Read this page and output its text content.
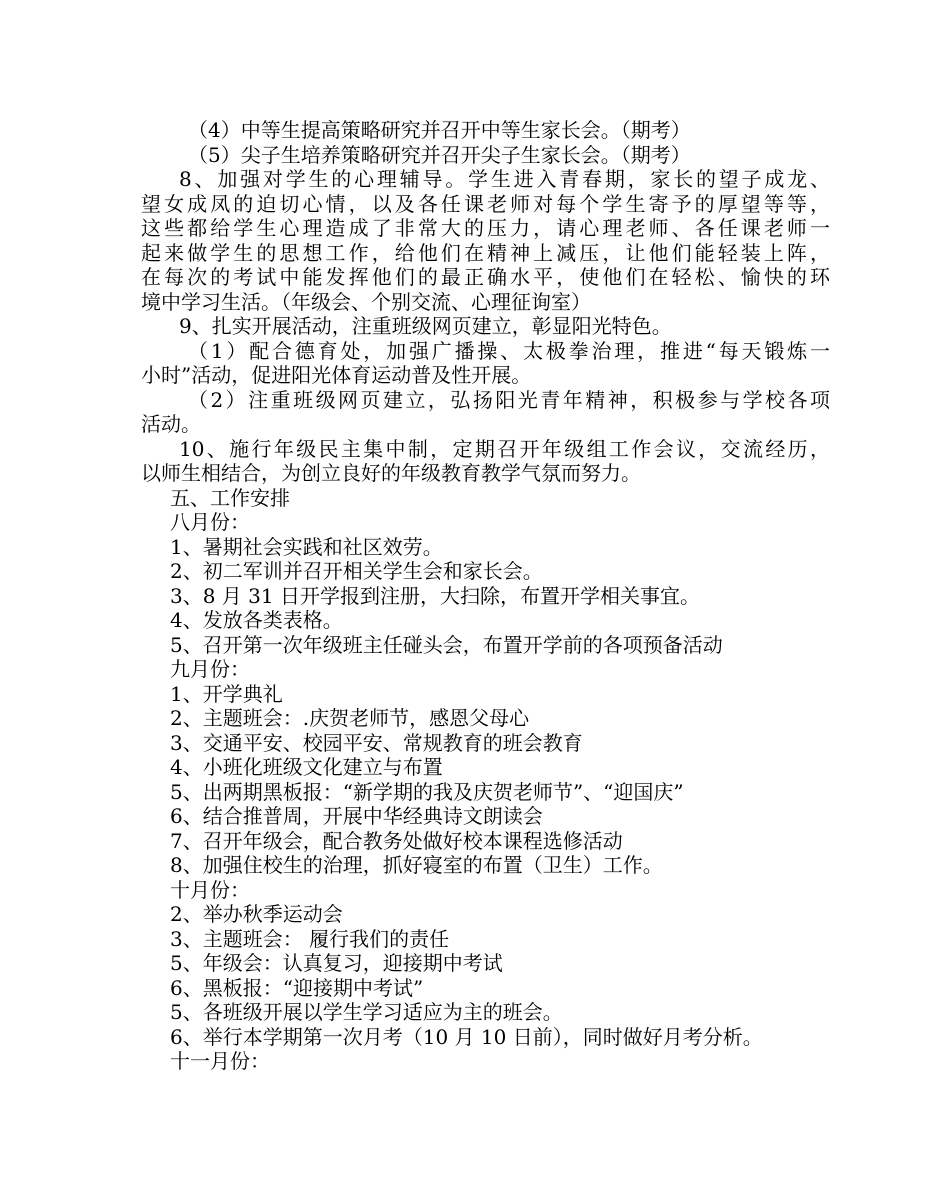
（4）中等生提高策略研究并召开中等生家长会。（期考）
（5）尖子生培养策略研究并召开尖子生家长会。（期考）
8、加强对学生的心理辅导。学生进入青春期，家长的望子成龙、
望女成凤的迫切心情，以及各任课老师对每个学生寄予的厚望等等，
这些都给学生心理造成了非常大的压力，请心理老师、各任课老师一
起来做学生的思想工作，给他们在精神上减压，让他们能轻装上阵，
在每次的考试中能发挥他们的最正确水平，使他们在轻松、愉快的环
境中学习生活。（年级会、个别交流、心理征询室）
9、扎实开展活动，注重班级网页建立，彰显阳光特色。
（1）配合德育处，加强广播操、太极拳治理，推进“每天锻炼一
小时”活动，促进阳光体育运动普及性开展。
（2）注重班级网页建立，弘扬阳光青年精神，积极参与学校各项
活动。
10、施行年级民主集中制，定期召开年级组工作会议，交流经历，
以师生相结合，为创立良好的年级教育教学气氛而努力。
五、工作安排
八月份：
1、暑期社会实践和社区效劳。
2、初二军训并召开相关学生会和家长会。
3、8 月 31 日开学报到注册，大扫除，布置开学相关事宜。
4、发放各类表格。
5、召开第一次年级班主任碰头会，布置开学前的各项预备活动
九月份：
1、开学典礼
2、主题班会：.庆贺老师节，感恩父母心
3、交通平安、校园平安、常规教育的班会教育
4、小班化班级文化建立与布置
5、出两期黑板报：“新学期的我及庆贺老师节”、“迎国庆”
6、结合推普周，开展中华经典诗文朗读会
7、召开年级会，配合教务处做好校本课程选修活动
8、加强住校生的治理，抓好寝室的布置（卫生）工作。
十月份：
2、举办秋季运动会
3、主题班会： 履行我们的责任
5、年级会：认真复习，迎接期中考试
6、黑板报：“迎接期中考试”
5、各班级开展以学生学习适应为主的班会。
6、举行本学期第一次月考（10 月 10 日前），同时做好月考分析。
十一月份：
